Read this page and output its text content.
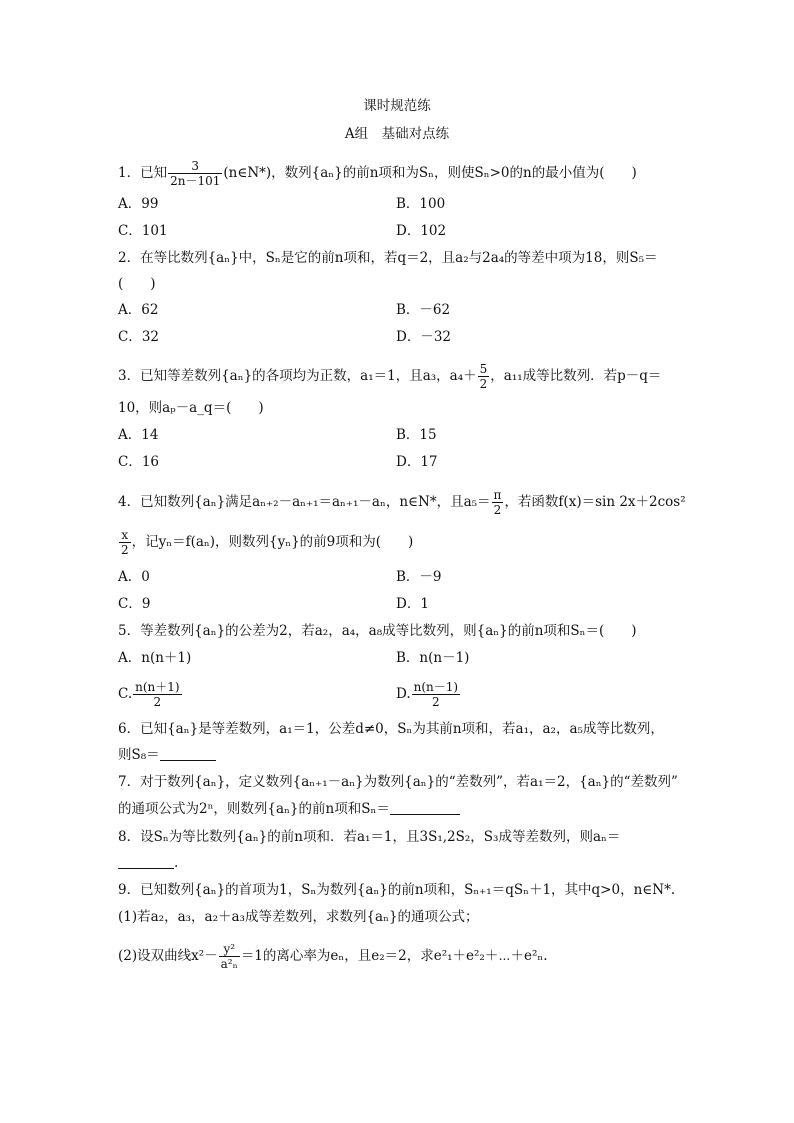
课时规范练
A组　基础对点练
1．已知 $\frac{3}{2n-101}$ (n∈N*)，数列{aₙ}的前n项和为Sₙ，则使Sₙ>0的n的最小值为(　　)
A．99	B．100
C．101	D．102
2．在等比数列{aₙ}中，Sₙ是它的前n项和，若q＝2，且a₂与2a₄的等差中项为18，则S₅＝
(　　)
A．62	B．－62
C．32	D．－32
3．已知等差数列{aₙ}的各项均为正数，a₁＝1，且a₃，$a_4+ \frac{5}{2}$ ，a₁₁成等比数列．若p－q＝
10，则aₚ－a_q＝(　　)
A．14	B．15
C．16	D．17
4．已知数列{aₙ}满足aₙ₊₂－aₙ₊₁＝aₙ₊₁－aₙ，n∈N*，且$a_5= \frac{\pi}{2}$ ，若函数f(x)＝sin 2x＋2cos²
$\frac{x}{2}$ ，记yₙ＝f(aₙ)，则数列{yₙ}的前9项和为(　　)
A．0	B．－9
C．9	D．1
5．等差数列{aₙ}的公差为2，若a₂，a₄，a₈成等比数列，则{aₙ}的前n项和Sₙ＝(　　)
A．n(n＋1)	B．n(n－1)
C. $\frac{n(n+1)}{2}$	D. $\frac{n(n-1)}{2}$
6．已知{aₙ}是等差数列，a₁＝1，公差d≠0，Sₙ为其前n项和，若a₁，a₂，a₅成等比数列，
则S₈＝
7．对于数列{aₙ}，定义数列{aₙ₊₁－aₙ}为数列{aₙ}的“差数列”，若a₁＝2，{aₙ}的“差数列”
的通项公式为2ⁿ，则数列{aₙ}的前n项和Sₙ＝
8．设Sₙ为等比数列{aₙ}的前n项和．若a₁＝1，且3S₁,2S₂，S₃成等差数列，则aₙ＝
.
9．已知数列{aₙ}的首项为1，Sₙ为数列{aₙ}的前n项和，Sₙ₊₁＝qSₙ＋1，其中q>0，n∈N*.
(1)若a₂，a₃，a₂＋a₃成等差数列，求数列{aₙ}的通项公式；
(2)设双曲线$x^2- \frac{\text{y²}}{\text{a²ₙ}} =1$的离心率为eₙ，且e₂＝2，求e²₁＋e²₂＋⋯＋e²ₙ.
